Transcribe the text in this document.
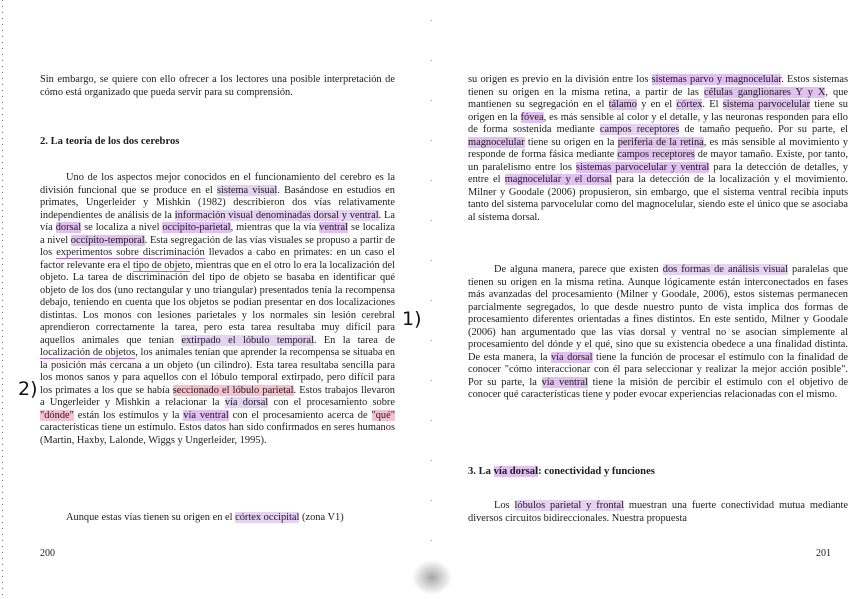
Sin embargo, se quiere con ello ofrecer a los lectores una posible interpretación de cómo está organizado que pueda servir para su comprensión.
2. La teoría de los dos cerebros
Uno de los aspectos mejor conocidos en el funcionamiento del cerebro es la división funcional que se produce en el sistema visual. Basándose en estudios en primates, Ungerleider y Mishkin (1982) describieron dos vías relativamente independientes de análisis de la información visual denominadas dorsal y ventral. La vía dorsal se localiza a nivel occípito-parietal, mientras que la vía ventral se localiza a nivel occípito-temporal. Esta segregación de las vías visuales se propuso a partir de los experimentos sobre discriminación llevados a cabo en primates: en un caso el factor relevante era el tipo de objeto, mientras que en el otro lo era la localización del objeto. La tarea de discriminación del tipo de objeto se basaba en identificar qué objeto de los dos (uno rectangular y uno triangular) presentados tenía la recompensa debajo, teniendo en cuenta que los objetos se podían presentar en dos localizaciones distintas. Los monos con lesiones parietales y los normales sin lesión cerebral aprendieron correctamente la tarea, pero esta tarea resultaba muy difícil para aquellos animales que tenían extirpado el lóbulo temporal. En la tarea de localización de objetos, los animales tenían que aprender la recompensa se situaba en la posición más cercana a un objeto (un cilindro). Esta tarea resultaba sencilla para los monos sanos y para aquellos con el lóbulo temporal extirpado, pero difícil para los primates a los que se había seccionado el lóbulo parietal. Estos trabajos llevaron a Ungerleider y Mishkin a relacionar la vía dorsal con el procesamiento sobre "dónde" están los estímulos y la vía ventral con el procesamiento acerca de "qué" características tiene un estímulo. Estos datos han sido confirmados en seres humanos (Martin, Haxby, Lalonde, Wiggs y Ungerleider, 1995).
Aunque estas vías tienen su origen en el córtex occipital (zona V1)
1)
2)
200
su origen es previo en la división entre los sistemas parvo y magnocelular. Estos sistemas tienen su origen en la misma retina, a partir de las células ganglionares Y y X, que mantienen su segregación en el tálamo y en el córtex. El sistema parvocelular tiene su origen en la fóvea, es más sensible al color y el detalle, y las neuronas responden para ello de forma sostenida mediante campos receptores de tamaño pequeño. Por su parte, el magnocelular tiene su origen en la periferia de la retina, es más sensible al movimiento y responde de forma fásica mediante campos receptores de mayor tamaño. Existe, por tanto, un paralelismo entre los sistemas parvocelular y ventral para la detección de detalles, y entre el magnocelular y el dorsal para la detección de la localización y el movimiento. Milner y Goodale (2006) propusieron, sin embargo, que el sistema ventral recibía inputs tanto del sistema parvocelular como del magnocelular, siendo este el único que se asociaba al sistema dorsal.
De alguna manera, parece que existen dos formas de análisis visual paralelas que tienen su origen en la misma retina. Aunque lógicamente están interconectados en fases más avanzadas del procesamiento (Milner y Goodale, 2006), estos sistemas permanecen parcialmente segregados, lo que desde nuestro punto de vista implica dos formas de procesamiento diferentes orientadas a fines distintos. En este sentido, Milner y Goodale (2006) han argumentado que las vías dorsal y ventral no se asocian simplemente al procesamiento del dónde y el qué, sino que su existencia obedece a una finalidad distinta. De esta manera, la vía dorsal tiene la función de procesar el estímulo con la finalidad de conocer "cómo interaccionar con él para seleccionar y realizar la mejor acción posible". Por su parte, la vía ventral tiene la misión de percibir el estímulo con el objetivo de conocer qué características tiene y poder evocar experiencias relacionadas con el mismo.
3. La vía dorsal: conectividad y funciones
Los lóbulos parietal y frontal muestran una fuerte conectividad mutua mediante diversos circuitos bidireccionales. Nuestra propuesta
201
